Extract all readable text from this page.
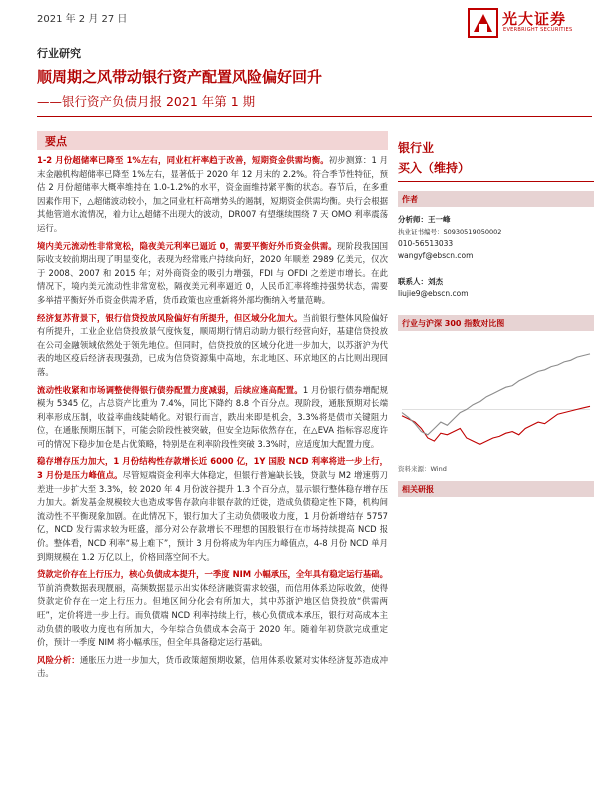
2021 年 2 月 27 日	光大证券
EVERBRIGHT SECURITIES
行业研究
顺周期之风带动银行资产配置风险偏好回升
——银行资产负债月报 2021 年第 1 期
要点

1-2 月份超储率已降至 1%左右，同业杠杆率趋于改善，短期资金供需均衡。初步测算：1 月末金融机构超储率已降至 1%左右，显著低于 2020 年 12 月末的 2.2%。符合季节性特征，预估 2 月份超储率大概率维持在 1.0-1.2%的水平，资金面维持紧平衡的状态。春节后，在多重因素作用下，△超储波动较小，加之同业杠杆高增势头的遏制，短期资金供需均衡。央行会根据其他管道水流情况，着力让△超储不出现大的波动，DR007 有望继续围绕 7 天 OMO 利率震荡运行。

境内美元流动性非常宽松，隐夜美元利率已逼近 0，需要平衡好外币资金供需。现阶段我国国际收支较前期出现了明显变化，表现为经常账户持续向好，2020 年顺差 2989 亿美元，仅次于 2008、2007 和 2015 年；对外商资金的吸引力增强，FDI 与 OFDI 之差逆市增长。在此情况下，境内美元流动性非常宽松，隔夜美元利率逼近 0，人民币汇率将维持强势状态，需要多举措平衡好外币资金供需矛盾，货币政策也应重新将外部均衡纳入考量范畴。

经济复苏背景下，银行信贷投放风险偏好有所提升，但区域分化加大。当前银行整体风险偏好有所提升，工业企业信贷投放景气度恢复，顺周期行情启动助力银行经营向好，基建信贷投放在公司金融领域依然处于领先地位。但同时，信贷投放的区域分化进一步加大，以苏浙沪为代表的地区疫后经济表现强劲，已成为信贷资源集中高地，东北地区、环京地区的占比则出现回落。

流动性收紧和市场调整使得银行债券配置力度减弱，后续应逢高配置。1 月份银行债券增配规模为 5345 亿，占总资产比重为 7.4%，同比下降约 8.8 个百分点。现阶段，通胀预期对长端利率形成压制，收益率曲线陡峭化。对银行而言，跌出来即是机会，3.3%将是债市关键阻力位，在通胀预期压制下，可能会阶段性被突破，但安全边际依然存在，在△EVA 指标容忍度许可的情况下稳步加仓是占优策略，特别是在利率阶段性突破 3.3%时，应适度加大配置力度。

稳存增存压力加大，1 月份结构性存款增长近 6000 亿，1Y 国股 NCD 利率将进一步上行，3 月份是压力峰值点。尽管短端资金利率大体稳定，但银行普遍缺长钱，贷款与 M2 增速剪刀差进一步扩大至 3.3%，较 2020 年 4 月份波谷提升 1.3 个百分点，显示银行整体稳存增存压力加大。新发基金规模较大也造成零售存款向非银存款的迁徙，造成负债稳定性下降，机构间流动性不平衡现象加剧。在此情况下，银行加大了主动负债吸收力度，1 月份新增结存 5757 亿，NCD 发行需求较为旺盛，部分对公存款增长不理想的国股银行在市场持续提高 NCD 报价。整体看，NCD 利率“易上难下”，预计 3 月份将成为年内压力峰值点，4-8 月份 NCD 单月到期规模在 1.2 万亿以上，价格回落空间不大。

贷款定价存在上行压力，核心负债成本提升，一季度 NIM 小幅承压，全年具有稳定运行基础。节前消费数据表现靓丽，高频数据显示出实体经济融资需求较强，而信用体系边际收敛，使得贷款定价存在一定上行压力。但地区间分化会有所加大，其中苏浙沪地区信贷投放“供需两旺”，定价将进一步上行。而负债端 NCD 利率持续上行，核心负债成本承压，银行对高成本主动负债的吸收力度也有所加大，今年综合负债成本会高于 2020 年。随着年初贷款完成重定价，预计一季度 NIM 将小幅承压，但全年具备稳定运行基础。

风险分析：通胀压力进一步加大，货币政策超预期收紧，信用体系收紧对实体经济复苏造成冲击。

银行业
买入（维持）
作者
分析师：王一峰
执业证书编号：S0930519050002
010-56513033
wangyf@ebscn.com
联系人：刘杰
liujie9@ebscn.com
行业与沪深 300 指数对比图
资料来源：Wind
相关研报
